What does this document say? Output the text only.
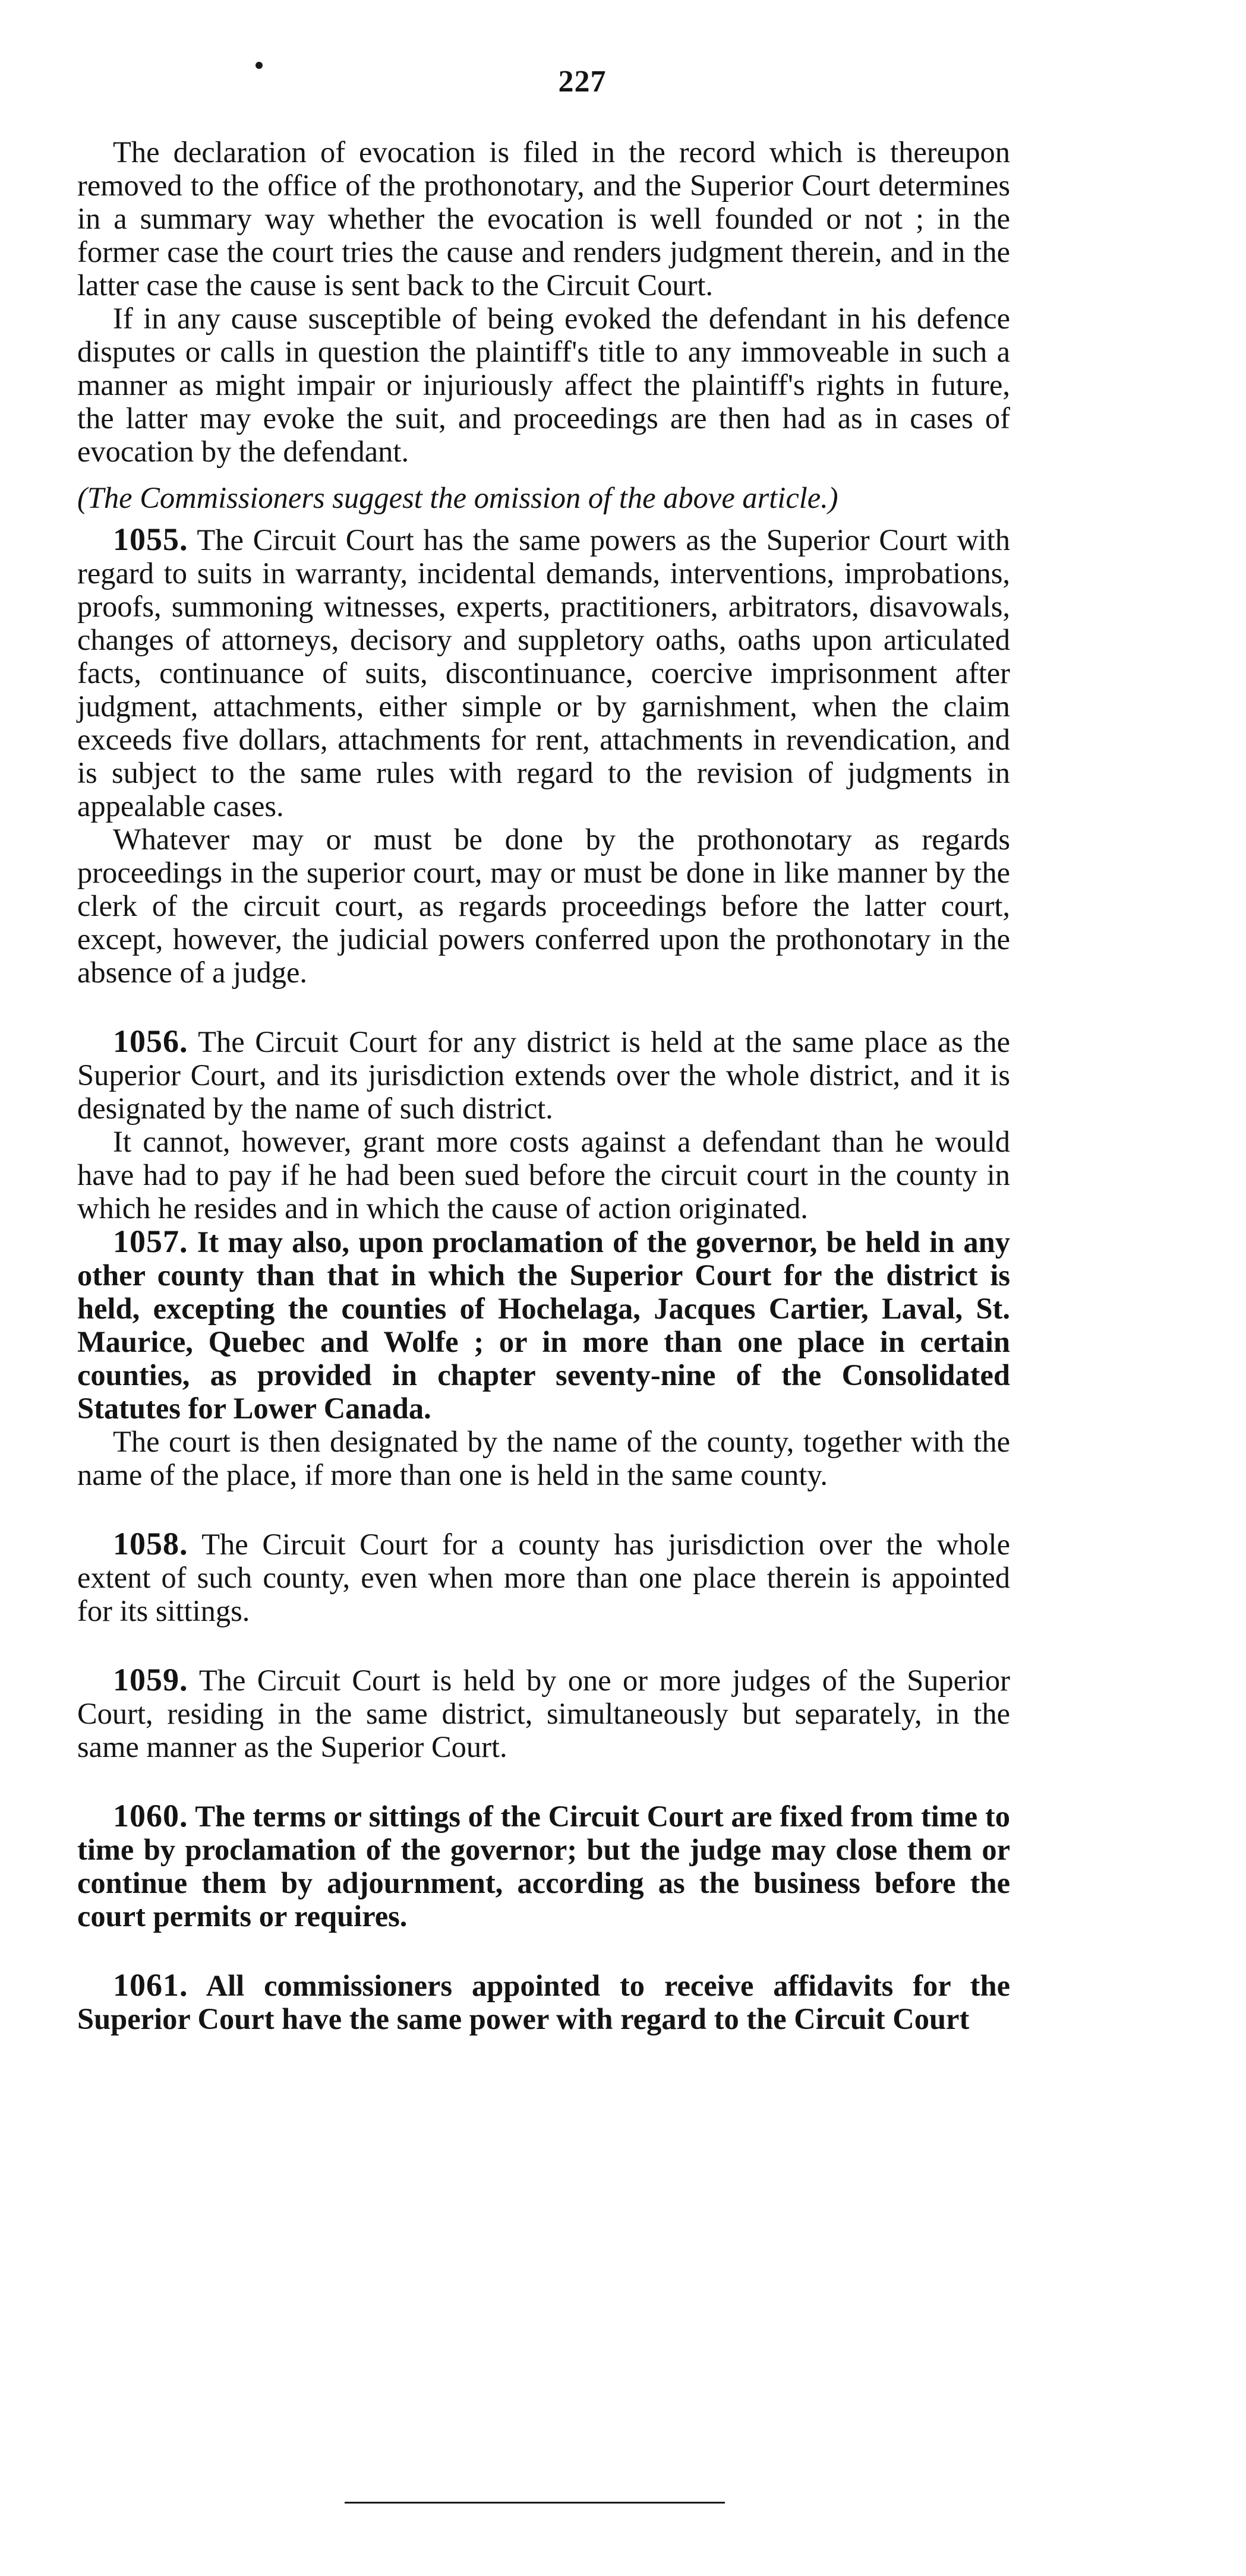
227

The declaration of evocation is filed in the record which is thereupon removed to the office of the prothonotary, and the Superior Court determines in a summary way whether the evocation is well founded or not ; in the former case the court tries the cause and renders judgment therein, and in the latter case the cause is sent back to the Circuit Court.

If in any cause susceptible of being evoked the defendant in his defence disputes or calls in question the plaintiff's title to any immoveable in such a manner as might impair or injuriously affect the plaintiff's rights in future, the latter may evoke the suit, and proceedings are then had as in cases of evocation by the defendant.

(The Commissioners suggest the omission of the above article.)

1055. The Circuit Court has the same powers as the Superior Court with regard to suits in warranty, incidental demands, interventions, improbations, proofs, summoning witnesses, experts, practitioners, arbitrators, disavowals, changes of attorneys, decisory and suppletory oaths, oaths upon articulated facts, continuance of suits, discontinuance, coercive imprisonment after judgment, attachments, either simple or by garnishment, when the claim exceeds five dollars, attachments for rent, attachments in revendication, and is subject to the same rules with regard to the revision of judgments in appealable cases.

Whatever may or must be done by the prothonotary as regards proceedings in the superior court, may or must be done in like manner by the clerk of the circuit court, as regards proceedings before the latter court, except, however, the judicial powers conferred upon the prothonotary in the absence of a judge.

1056. The Circuit Court for any district is held at the same place as the Superior Court, and its jurisdiction extends over the whole district, and it is designated by the name of such district.

It cannot, however, grant more costs against a defendant than he would have had to pay if he had been sued before the circuit court in the county in which he resides and in which the cause of action originated.

1057. It may also, upon proclamation of the governor, be held in any other county than that in which the Superior Court for the district is held, excepting the counties of Hochelaga, Jacques Cartier, Laval, St. Maurice, Quebec and Wolfe ; or in more than one place in certain counties, as provided in chapter seventy-nine of the Consolidated Statutes for Lower Canada.

The court is then designated by the name of the county, together with the name of the place, if more than one is held in the same county.

1058. The Circuit Court for a county has jurisdiction over the whole extent of such county, even when more than one place therein is appointed for its sittings.

1059. The Circuit Court is held by one or more judges of the Superior Court, residing in the same district, simultaneously but separately, in the same manner as the Superior Court.

1060. The terms or sittings of the Circuit Court are fixed from time to time by proclamation of the governor; but the judge may close them or continue them by adjournment, according as the business before the court permits or requires.

1061. All commissioners appointed to receive affidavits for the Superior Court have the same power with regard to the Circuit Court
